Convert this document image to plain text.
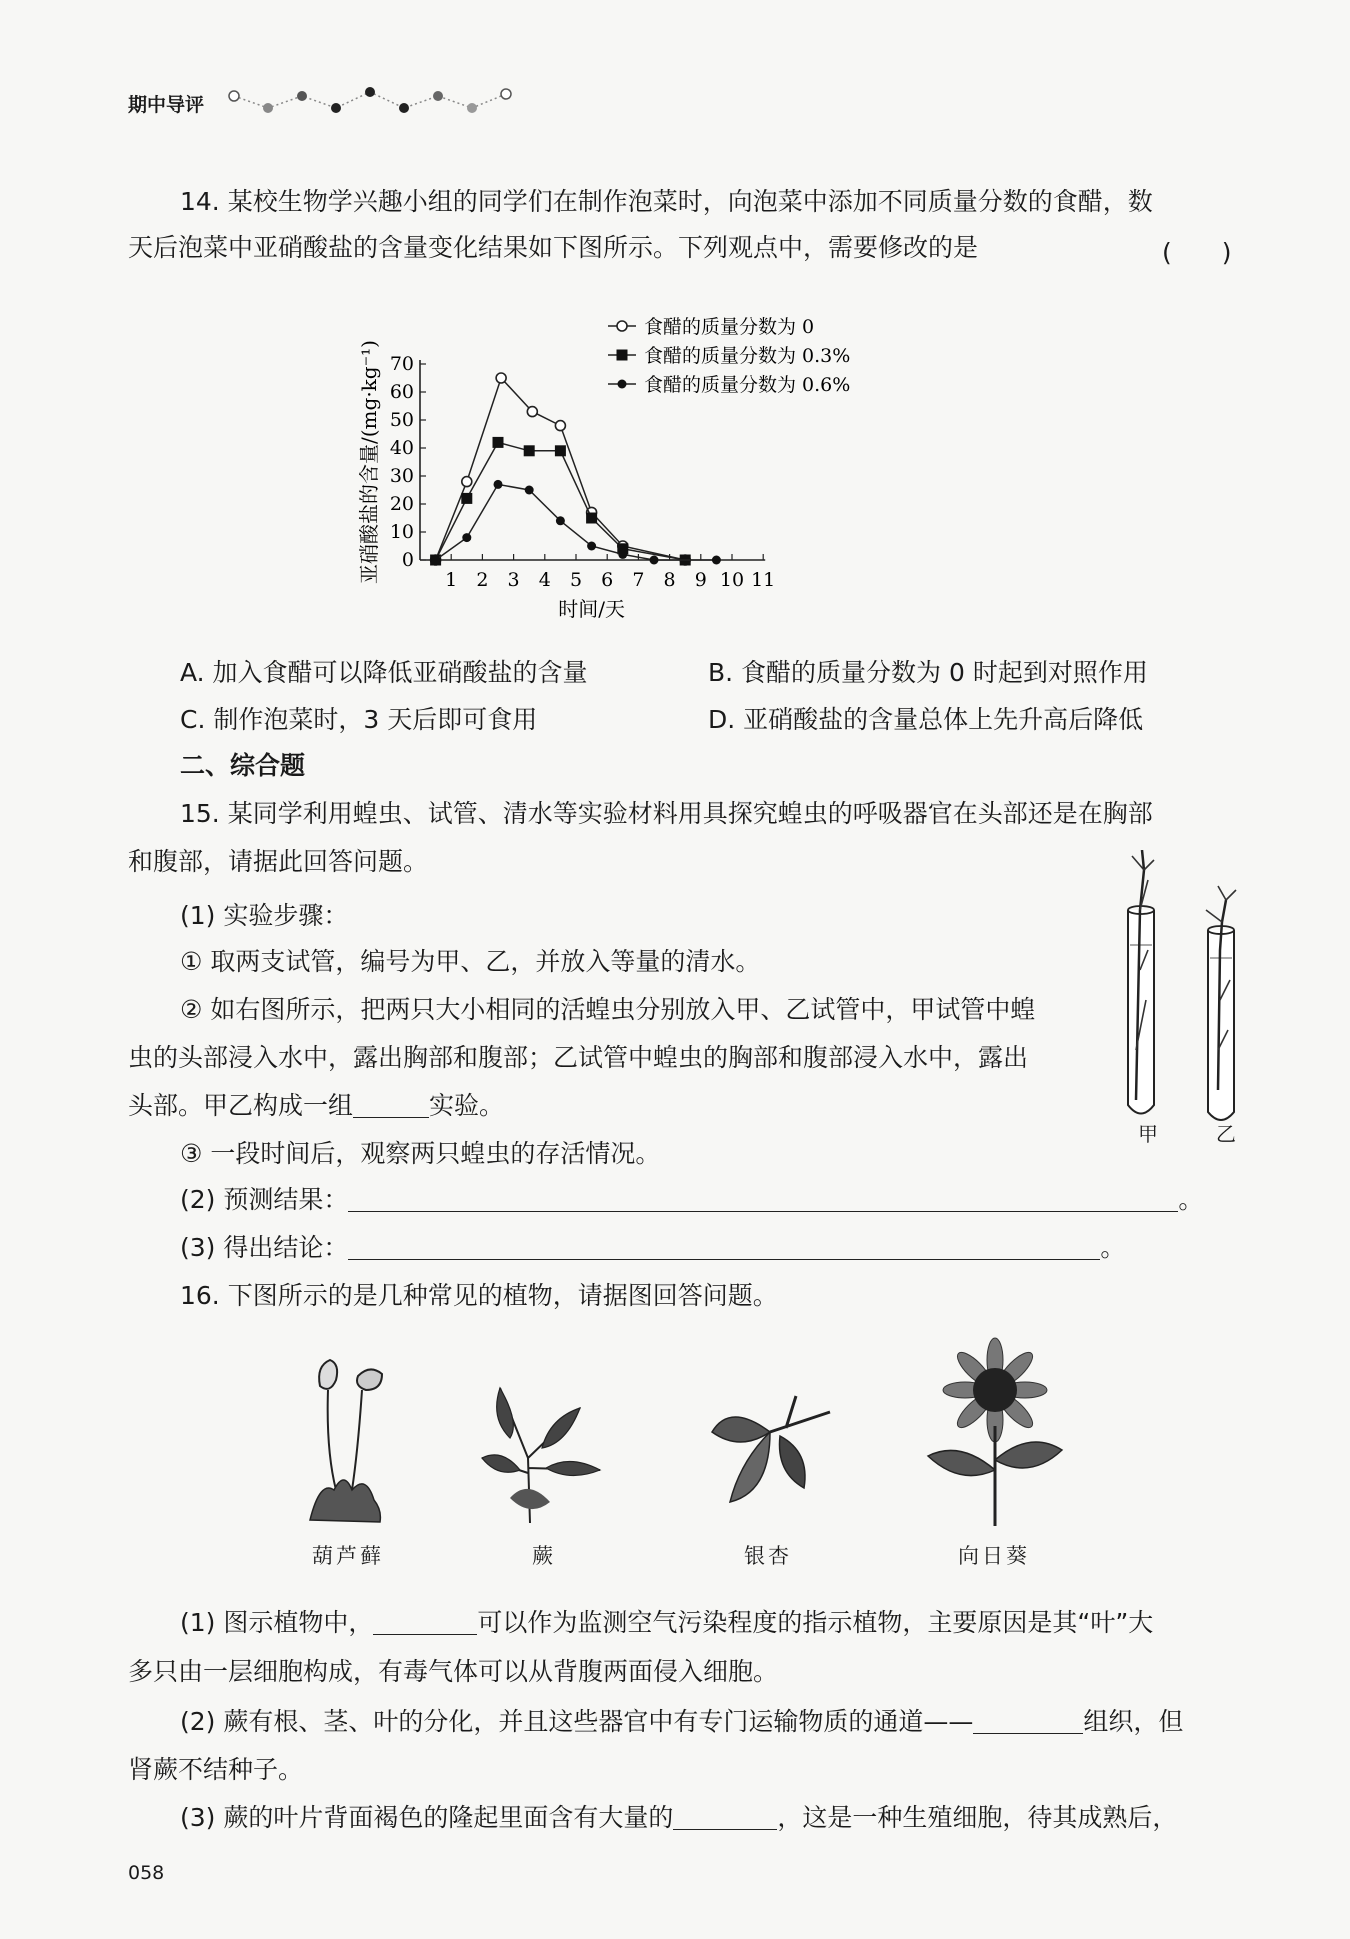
期中导评
14. 某校生物学兴趣小组的同学们在制作泡菜时，向泡菜中添加不同质量分数的食醋，数
天后泡菜中亚硝酸盐的含量变化结果如下图所示。下列观点中，需要修改的是	(　　)
0
10
20
30
40
50
60
70
1 2 3 4 5 6 7 8 9 10 11
时间/天
亚硝酸盐的含量/(mg·kg⁻¹)
食醋的质量分数为 0
食醋的质量分数为 0.3%
食醋的质量分数为 0.6%
A. 加入食醋可以降低亚硝酸盐的含量	B. 食醋的质量分数为 0 时起到对照作用
C. 制作泡菜时，3 天后即可食用	D. 亚硝酸盐的含量总体上先升高后降低
二、综合题
15. 某同学利用蝗虫、试管、清水等实验材料用具探究蝗虫的呼吸器官在头部还是在胸部
和腹部，请据此回答问题。
(1) 实验步骤：
① 取两支试管，编号为甲、乙，并放入等量的清水。
② 如右图所示，把两只大小相同的活蝗虫分别放入甲、乙试管中，甲试管中蝗
虫的头部浸入水中，露出胸部和腹部；乙试管中蝗虫的胸部和腹部浸入水中，露出
头部。甲乙构成一组	实验。
③ 一段时间后，观察两只蝗虫的存活情况。
(2) 预测结果：	。
(3) 得出结论：	。
甲	乙
16. 下图所示的是几种常见的植物，请据图回答问题。
葫芦藓	蕨	银杏	向日葵
(1) 图示植物中，	可以作为监测空气污染程度的指示植物，主要原因是其“叶”大
多只由一层细胞构成，有毒气体可以从背腹两面侵入细胞。
(2) 蕨有根、茎、叶的分化，并且这些器官中有专门运输物质的通道——	组织，但
肾蕨不结种子。
(3) 蕨的叶片背面褐色的隆起里面含有大量的	，这是一种生殖细胞，待其成熟后，
058
